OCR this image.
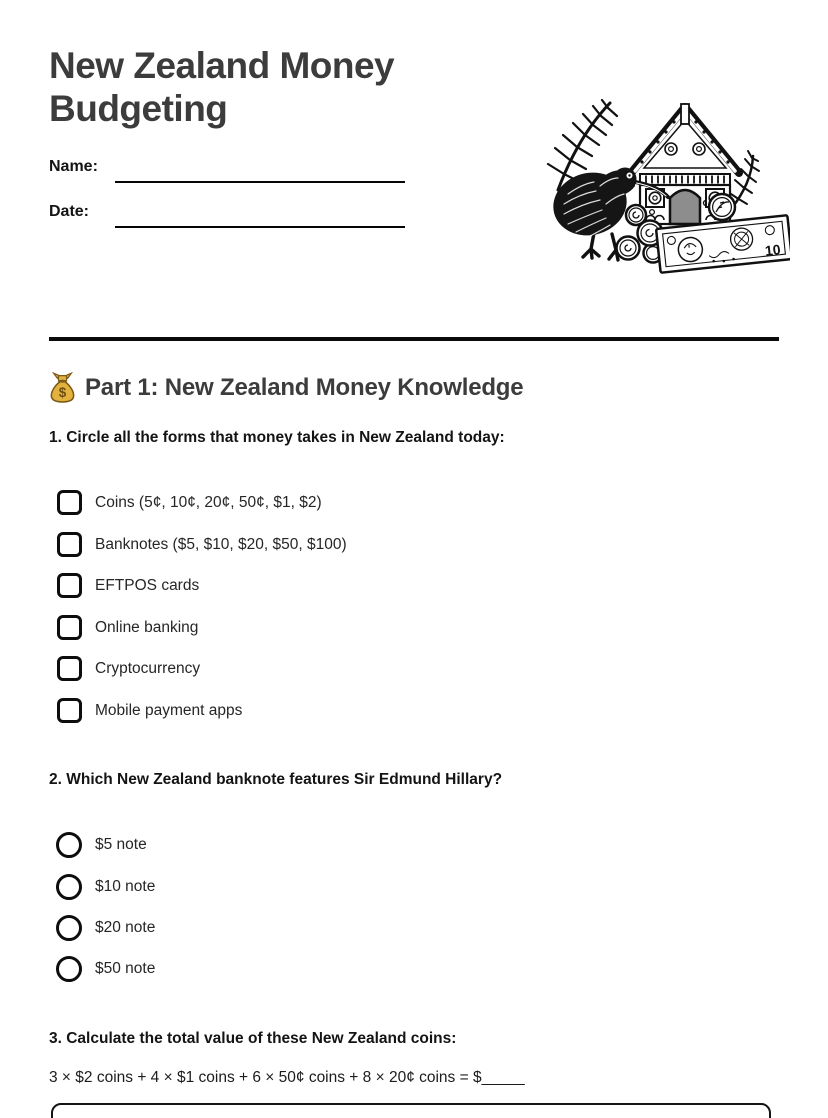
New Zealand Money Budgeting
Name:
Date:
10
$ Part 1: New Zealand Money Knowledge
1. Circle all the forms that money takes in New Zealand today:
Coins (5¢, 10¢, 20¢, 50¢, $1, $2)
Banknotes ($5, $10, $20, $50, $100)
EFTPOS cards
Online banking
Cryptocurrency
Mobile payment apps
2. Which New Zealand banknote features Sir Edmund Hillary?
$5 note
$10 note
$20 note
$50 note
3. Calculate the total value of these New Zealand coins:
3 × $2 coins + 4 × $1 coins + 6 × 50¢ coins + 8 × 20¢ coins = $_____
